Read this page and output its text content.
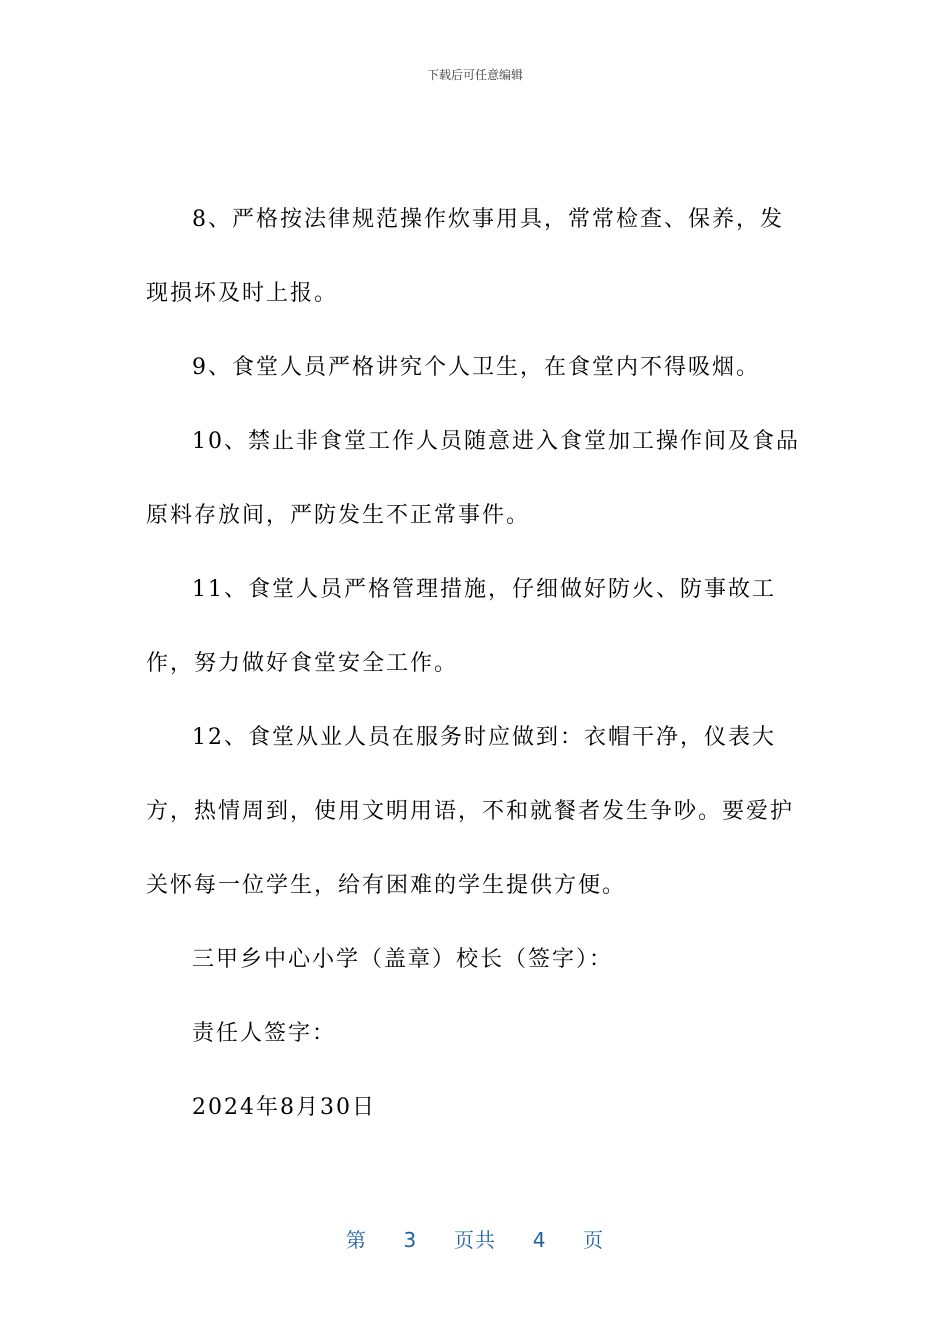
下载后可任意编辑

8、严格按法律规范操作炊事用具，常常检查、保养，发现损坏及时上报。

9、食堂人员严格讲究个人卫生，在食堂内不得吸烟。

10、禁止非食堂工作人员随意进入食堂加工操作间及食品原料存放间，严防发生不正常事件。

11、食堂人员严格管理措施，仔细做好防火、防事故工作，努力做好食堂安全工作。

12、食堂从业人员在服务时应做到：衣帽干净，仪表大方，热情周到，使用文明用语，不和就餐者发生争吵。要爱护关怀每一位学生，给有困难的学生提供方便。

三甲乡中心小学（盖章）校长（签字）：

责任人签字：

2024年8月30日

第 3 页共 4 页
